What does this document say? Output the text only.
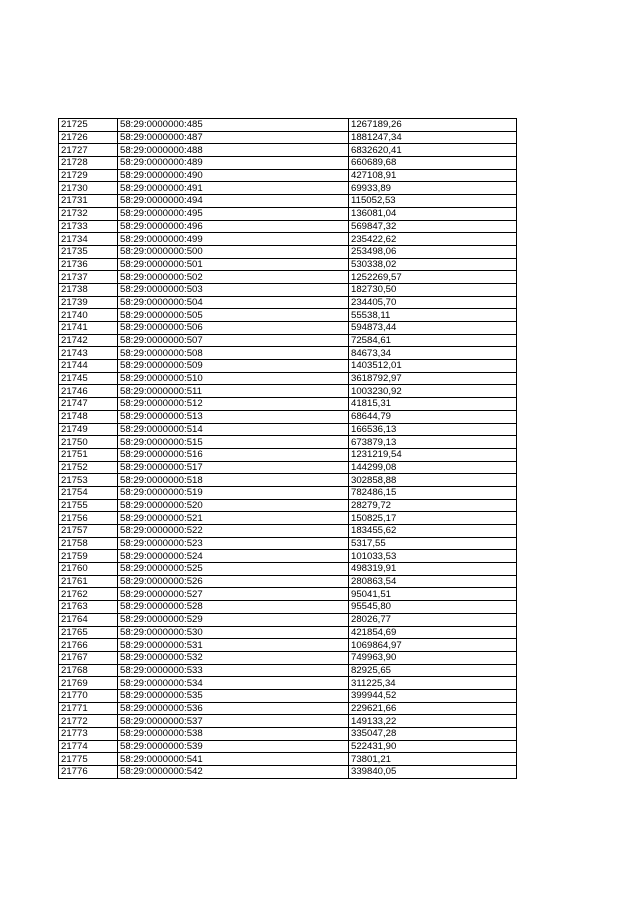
21725	58:29:0000000:485	1267189,26
21726	58:29:0000000:487	1881247,34
21727	58:29:0000000:488	6832620,41
21728	58:29:0000000:489	660689,68
21729	58:29:0000000:490	427108,91
21730	58:29:0000000:491	69933,89
21731	58:29:0000000:494	115052,53
21732	58:29:0000000:495	136081,04
21733	58:29:0000000:496	569847,32
21734	58:29:0000000:499	235422,62
21735	58:29:0000000:500	253498,06
21736	58:29:0000000:501	530338,02
21737	58:29:0000000:502	1252269,57
21738	58:29:0000000:503	182730,50
21739	58:29:0000000:504	234405,70
21740	58:29:0000000:505	55538,11
21741	58:29:0000000:506	594873,44
21742	58:29:0000000:507	72584,61
21743	58:29:0000000:508	84673,34
21744	58:29:0000000:509	1403512,01
21745	58:29:0000000:510	3618792,97
21746	58:29:0000000:511	1003230,92
21747	58:29:0000000:512	41815,31
21748	58:29:0000000:513	68644,79
21749	58:29:0000000:514	166536,13
21750	58:29:0000000:515	673879,13
21751	58:29:0000000:516	1231219,54
21752	58:29:0000000:517	144299,08
21753	58:29:0000000:518	302858,88
21754	58:29:0000000:519	782486,15
21755	58:29:0000000:520	28279,72
21756	58:29:0000000:521	150825,17
21757	58:29:0000000:522	183455,62
21758	58:29:0000000:523	5317,55
21759	58:29:0000000:524	101033,53
21760	58:29:0000000:525	498319,91
21761	58:29:0000000:526	280863,54
21762	58:29:0000000:527	95041,51
21763	58:29:0000000:528	95545,80
21764	58:29:0000000:529	28026,77
21765	58:29:0000000:530	421854,69
21766	58:29:0000000:531	1069864,97
21767	58:29:0000000:532	749963,90
21768	58:29:0000000:533	82925,65
21769	58:29:0000000:534	311225,34
21770	58:29:0000000:535	399944,52
21771	58:29:0000000:536	229621,66
21772	58:29:0000000:537	149133,22
21773	58:29:0000000:538	335047,28
21774	58:29:0000000:539	522431,90
21775	58:29:0000000:541	73801,21
21776	58:29:0000000:542	339840,05
